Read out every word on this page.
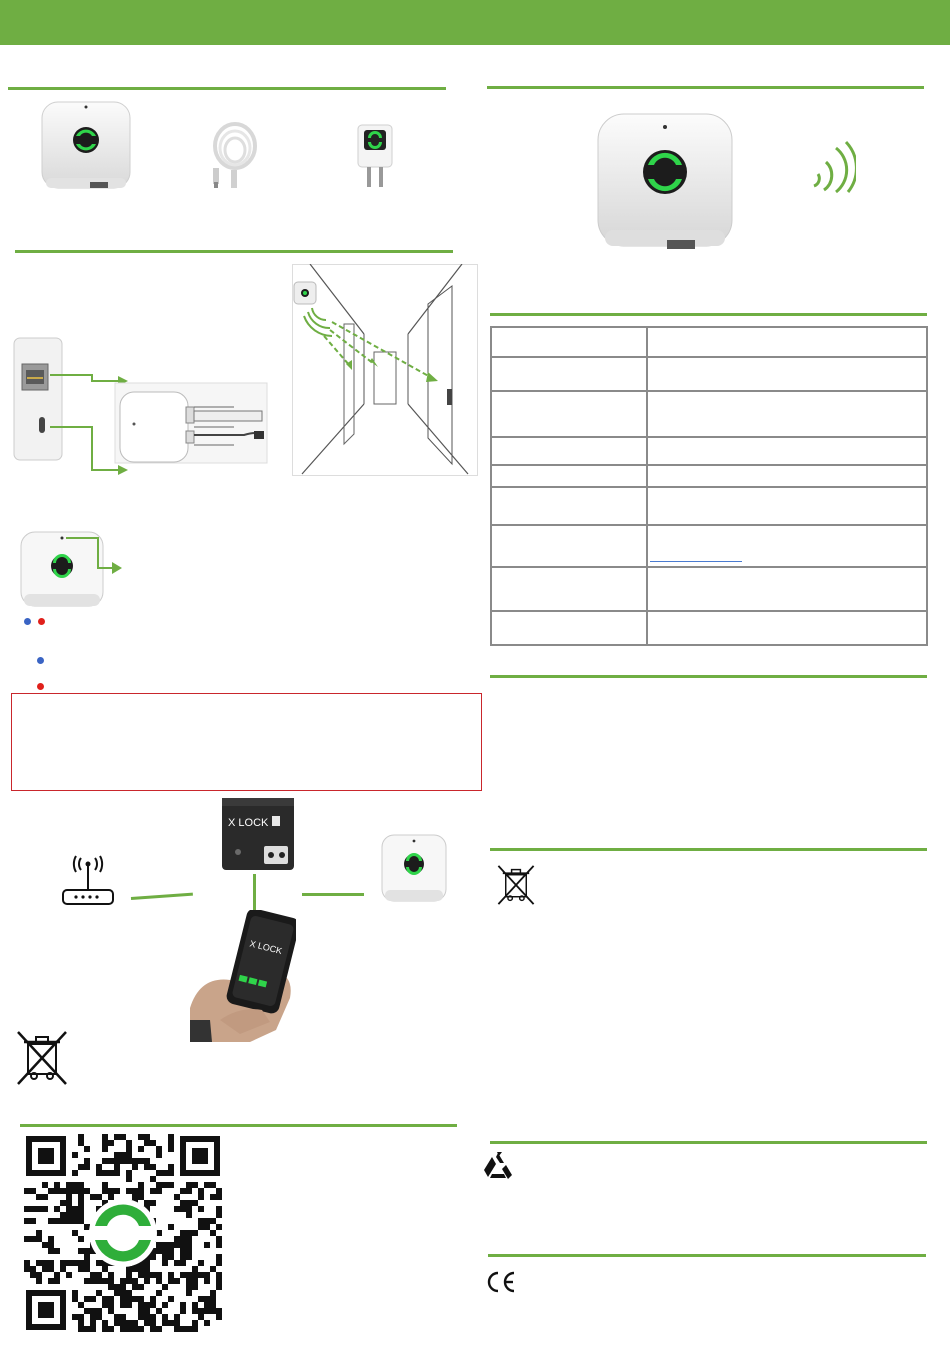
X LOCK
X LOCK
